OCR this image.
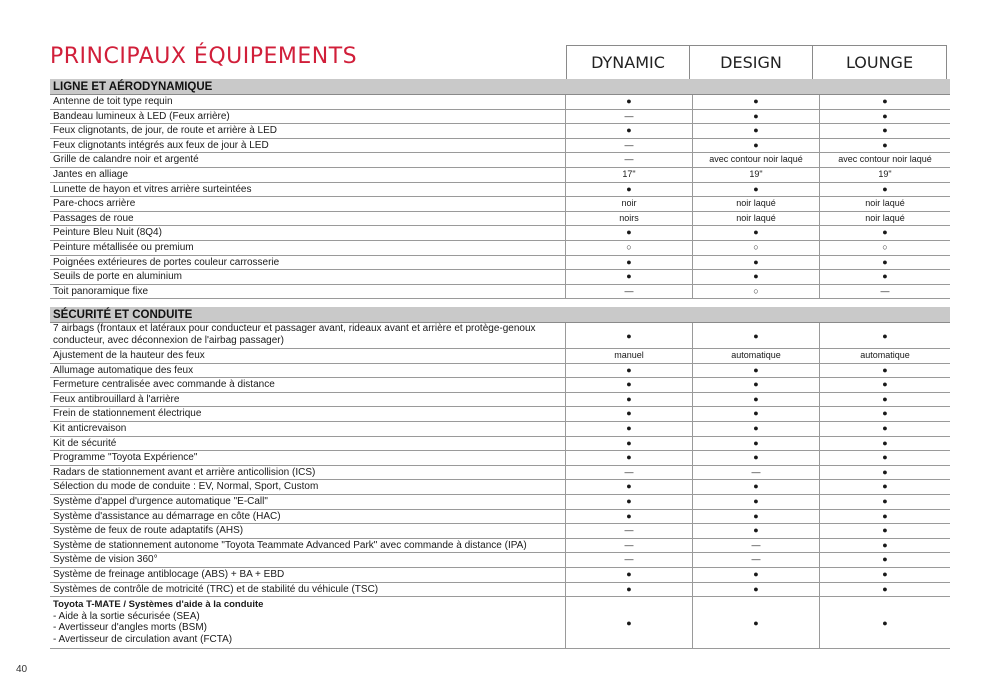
PRINCIPAUX ÉQUIPEMENTS	DYNAMIC	DESIGN	LOUNGE
LIGNE ET AÉRODYNAMIQUE
Antenne de toit type requin	●	●	●
Bandeau lumineux à LED (Feux arrière)	—	●	●
Feux clignotants, de jour, de route et arrière à LED	●	●	●
Feux clignotants intégrés aux feux de jour à LED	—	●	●
Grille de calandre noir et argenté	—	avec contour noir laqué	avec contour noir laqué
Jantes en alliage	17"	19"	19"
Lunette de hayon et vitres arrière surteintées	●	●	●
Pare-chocs arrière	noir	noir laqué	noir laqué
Passages de roue	noirs	noir laqué	noir laqué
Peinture Bleu Nuit (8Q4)	●	●	●
Peinture métallisée ou premium	○	○	○
Poignées extérieures de portes couleur carrosserie	●	●	●
Seuils de porte en aluminium	●	●	●
Toit panoramique fixe	—	○	—
SÉCURITÉ ET CONDUITE
7 airbags (frontaux et latéraux pour conducteur et passager avant, rideaux avant et arrière et protège-genoux conducteur, avec déconnexion de l'airbag passager)	●	●	●
Ajustement de la hauteur des feux	manuel	automatique	automatique
Allumage automatique des feux	●	●	●
Fermeture centralisée avec commande à distance	●	●	●
Feux antibrouillard à l'arrière	●	●	●
Frein de stationnement électrique	●	●	●
Kit anticrevaison	●	●	●
Kit de sécurité	●	●	●
Programme "Toyota Expérience"	●	●	●
Radars de stationnement avant et arrière anticollision (ICS)	—	—	●
Sélection du mode de conduite : EV, Normal, Sport, Custom	●	●	●
Système d'appel d'urgence automatique "E-Call"	●	●	●
Système d'assistance au démarrage en côte (HAC)	●	●	●
Système de feux de route adaptatifs (AHS)	—	●	●
Système de stationnement autonome "Toyota Teammate Advanced Park" avec commande à distance (IPA)	—	—	●
Système de vision 360°	—	—	●
Système de freinage antiblocage (ABS) + BA + EBD	●	●	●
Systèmes de contrôle de motricité (TRC) et de stabilité du véhicule (TSC)	●	●	●
Toyota T-MATE / Systèmes d'aide à la conduite
- Aide à la sortie sécurisée (SEA)
- Avertisseur d'angles morts (BSM)
- Avertisseur de circulation avant (FCTA)
●	●	●
40
